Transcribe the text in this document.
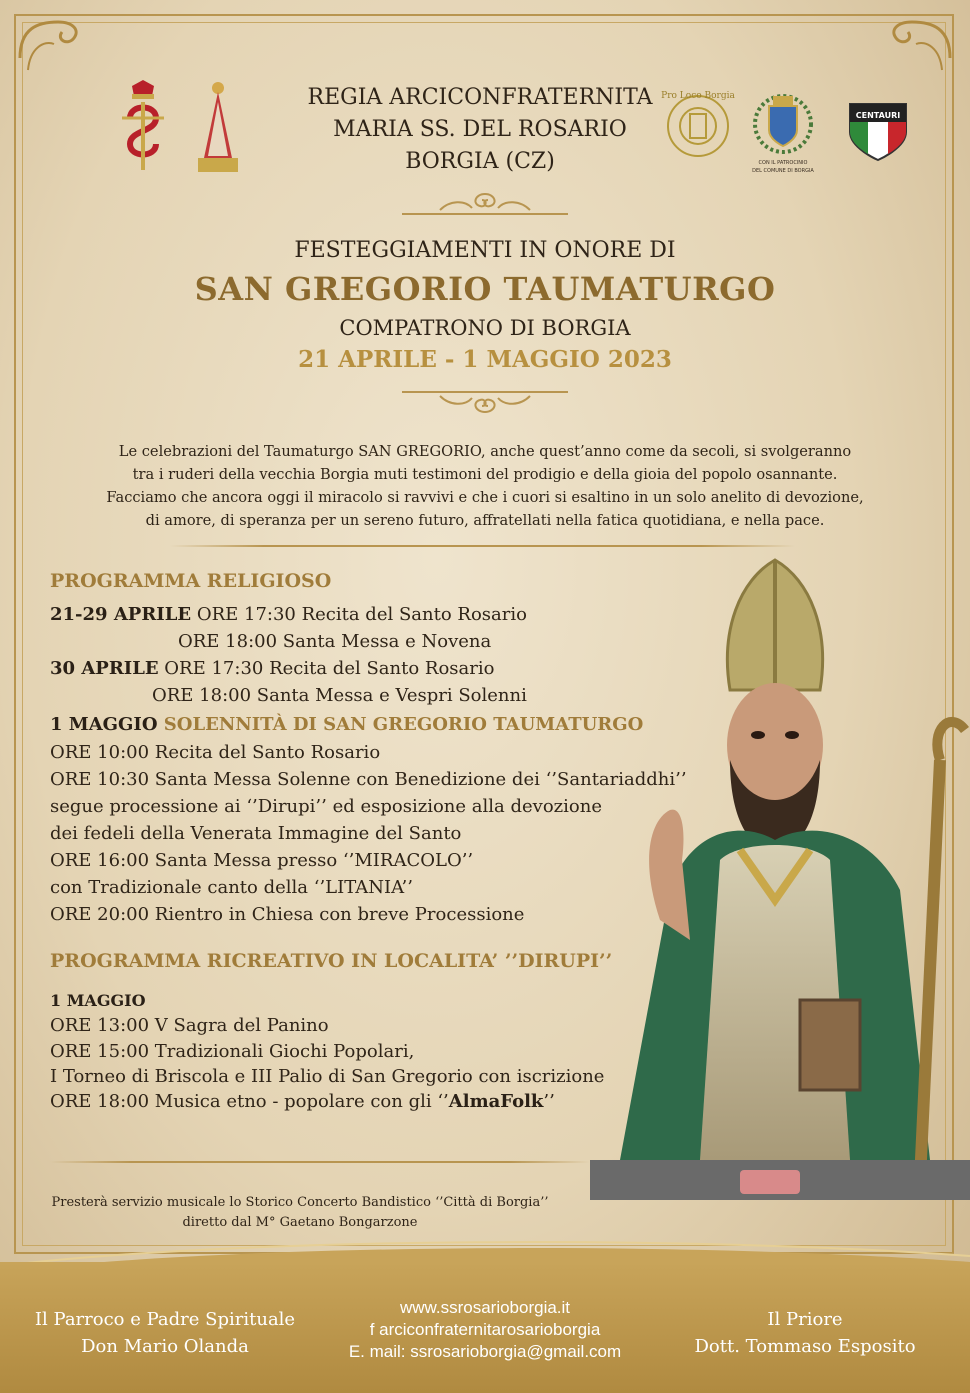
REGIA ARCICONFRATERNITA
MARIA SS. DEL ROSARIO
BORGIA (CZ)
Pro Loco Borgia
CON IL PATROCINIO
DEL COMUNE DI BORGIA
CENTAURI
FESTEGGIAMENTI IN ONORE DI
SAN GREGORIO TAUMATURGO
COMPATRONO DI BORGIA
21 APRILE - 1 MAGGIO 2023
Le celebrazioni del Taumaturgo SAN GREGORIO, anche quest’anno come da secoli, si svolgeranno
tra i ruderi della vecchia Borgia muti testimoni del prodigio e della gioia del popolo osannante.
Facciamo che ancora oggi il miracolo si ravvivi e che i cuori si esaltino in un solo anelito di devozione,
di amore, di speranza per un sereno futuro, affratellati nella fatica quotidiana, e nella pace.
PROGRAMMA RELIGIOSO
21-29 APRILE ORE 17:30 Recita del Santo Rosario
ORE 18:00 Santa Messa e Novena
30 APRILE ORE 17:30 Recita del Santo Rosario
ORE 18:00 Santa Messa e Vespri Solenni
1 MAGGIO SOLENNITÀ DI SAN GREGORIO TAUMATURGO
ORE 10:00 Recita del Santo Rosario
ORE 10:30 Santa Messa Solenne con Benedizione dei ‘’Santariaddhi’’
segue processione ai ‘’Dirupi’’ ed esposizione alla devozione
dei fedeli della Venerata Immagine del Santo
ORE 16:00 Santa Messa presso ‘’MIRACOLO’’
con Tradizionale canto della ‘’LITANIA’’
ORE 20:00 Rientro in Chiesa con breve Processione
PROGRAMMA RICREATIVO IN LOCALITA’ ’’DIRUPI’’
1 MAGGIO
ORE 13:00 V Sagra del Panino
ORE 15:00 Tradizionali Giochi Popolari,
I Torneo di Briscola e III Palio di San Gregorio con iscrizione
ORE 18:00 Musica etno - popolare con gli ‘’AlmaFolk’’
Presterà servizio musicale lo Storico Concerto Bandistico ‘’Città di Borgia’’
diretto dal M° Gaetano Bongarzone
Il Parroco e Padre Spirituale
Don Mario Olanda
www.ssrosarioborgia.it
f arciconfraternitarosarioborgia
E. mail: ssrosarioborgia@gmail.com
Il Priore
Dott. Tommaso Esposito
